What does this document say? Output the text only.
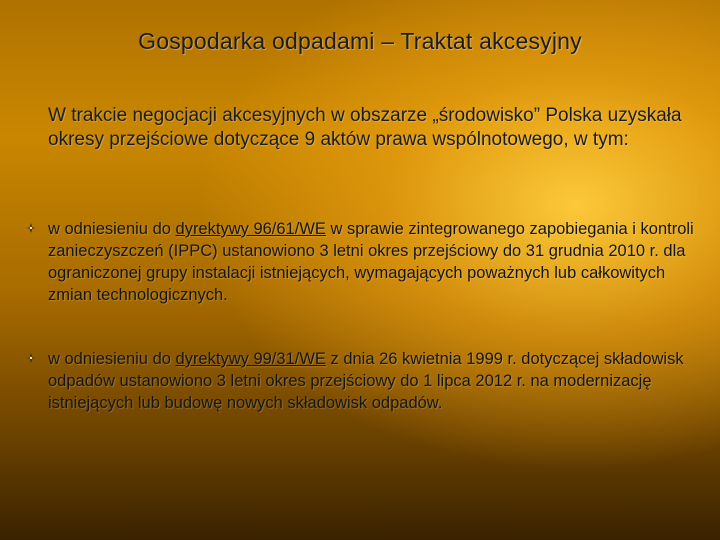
Gospodarka odpadami – Traktat akcesyjny
W trakcie negocjacji akcesyjnych w obszarze „środowisko” Polska uzyskała okresy przejściowe dotyczące 9 aktów prawa wspólnotowego, w tym:
w odniesieniu do dyrektywy 96/61/WE w sprawie zintegrowanego zapobiegania i kontroli zanieczyszczeń (IPPC) ustanowiono 3 letni okres przejściowy do 31 grudnia 2010 r. dla ograniczonej grupy instalacji istniejących, wymagających poważnych lub całkowitych zmian technologicznych.
w odniesieniu do dyrektywy 99/31/WE z dnia 26 kwietnia 1999 r. dotyczącej składowisk odpadów ustanowiono 3 letni okres przejściowy do 1 lipca 2012 r. na modernizację istniejących lub budowę nowych składowisk odpadów.
